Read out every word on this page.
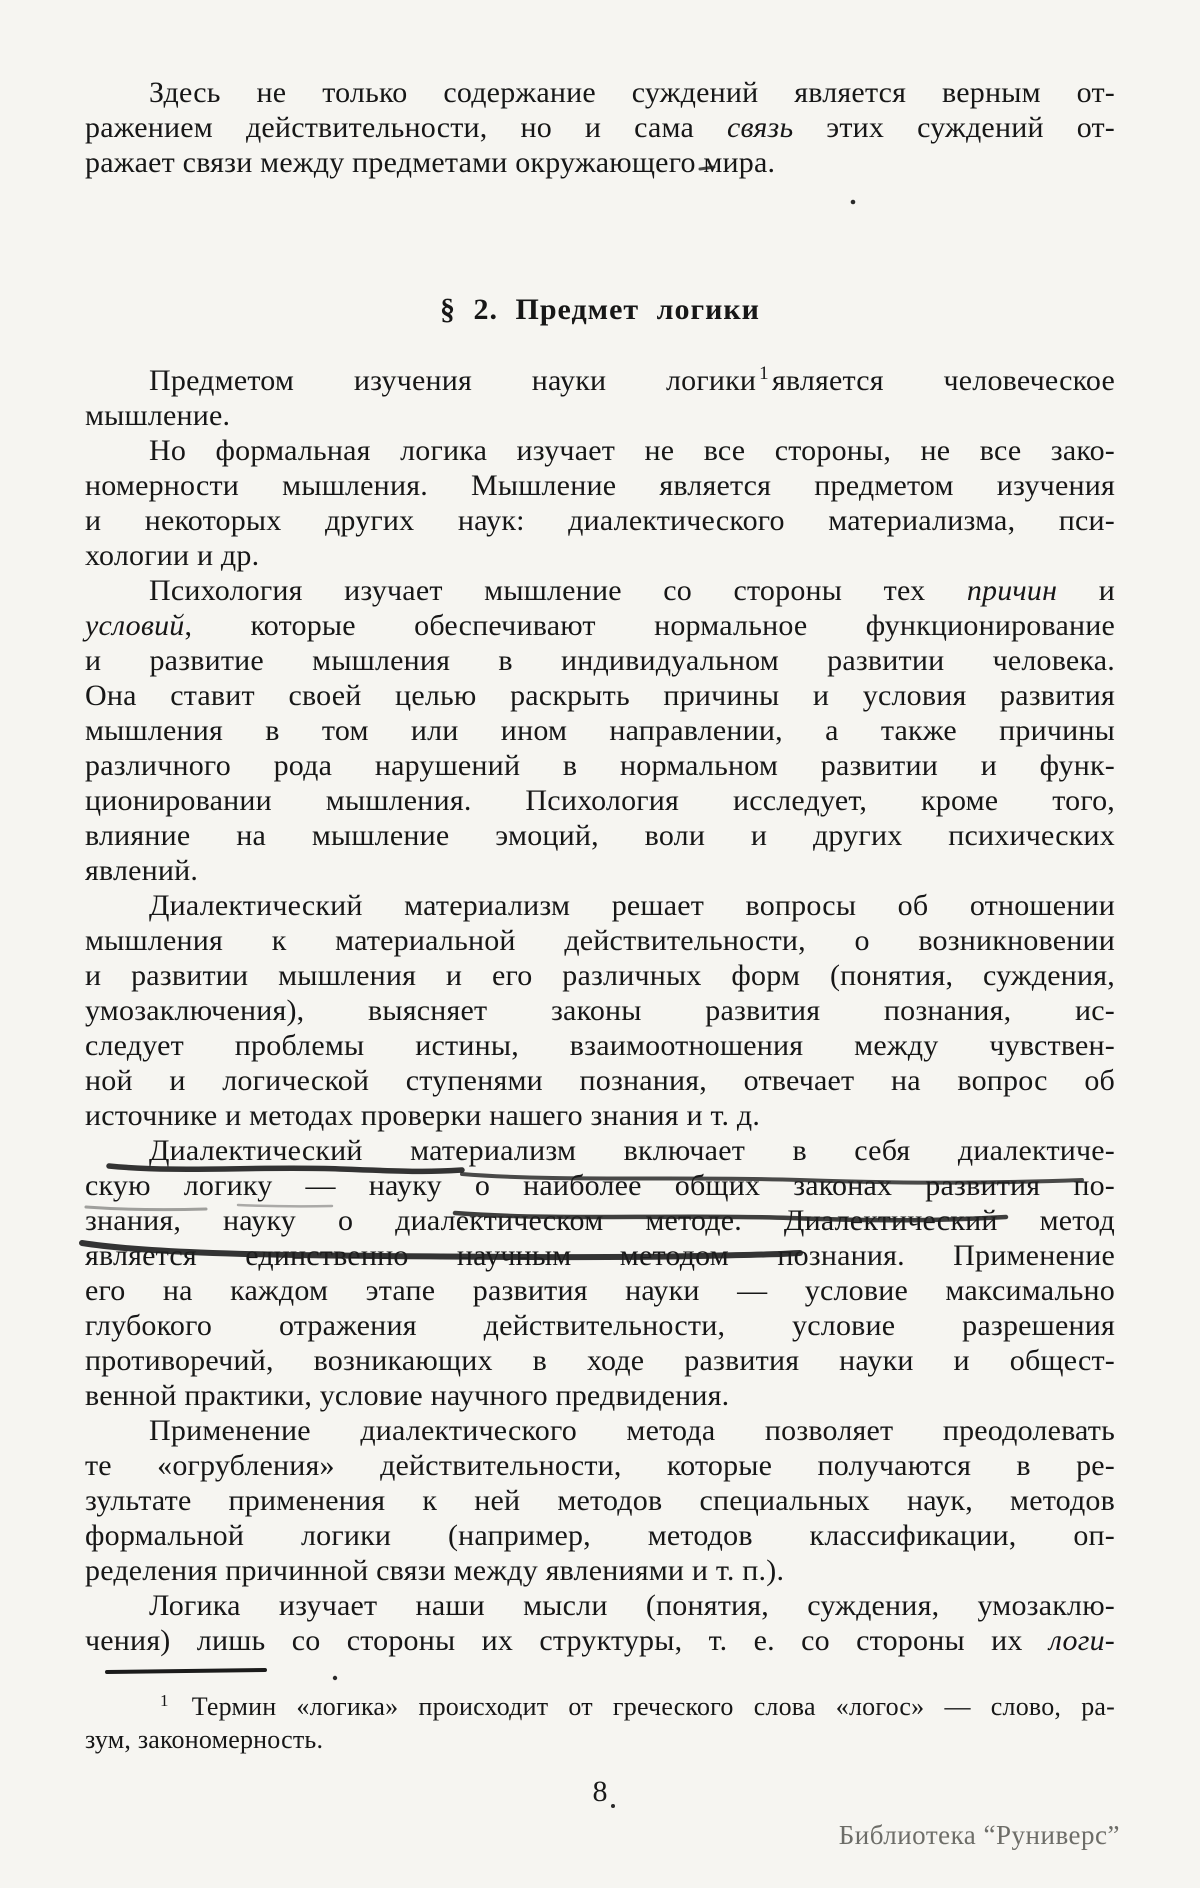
Здесь не только содержание суждений является верным от-
ражением действительности, но и сама связь этих суждений от-
ражает связи между предметами окружающего мира.
§ 2. Предмет логики
Предметом изучения науки логики $^1$ является человеческое
мышление.
Но формальная логика изучает не все стороны, не все зако-
номерности мышления. Мышление является предметом изучения
и некоторых других наук: диалектического материализма, пси-
хологии и др.
Психология изучает мышление со стороны тех причин и
условий, которые обеспечивают нормальное функционирование
и развитие мышления в индивидуальном развитии человека.
Она ставит своей целью раскрыть причины и условия развития
мышления в том или ином направлении, а также причины
различного рода нарушений в нормальном развитии и функ-
ционировании мышления. Психология исследует, кроме того,
влияние на мышление эмоций, воли и других психических
явлений.
Диалектический материализм решает вопросы об отношении
мышления к материальной действительности, о возникновении
и развитии мышления и его различных форм (понятия, суждения,
умозаключения), выясняет законы развития познания, ис-
следует проблемы истины, взаимоотношения между чувствен-
ной и логической ступенями познания, отвечает на вопрос об
источнике и методах проверки нашего знания и т. д.
Диалектический материализм включает в себя диалектиче-
скую логику — науку о наиболее общих законах развития по-
знания, науку о диалектическом методе. Диалектический метод
является единственно научным методом познания. Применение
его на каждом этапе развития науки — условие максимально
глубокого отражения действительности, условие разрешения
противоречий, возникающих в ходе развития науки и общест-
венной практики, условие научного предвидения.
Применение диалектического метода позволяет преодолевать
те «огрубления» действительности, которые получаются в ре-
зультате применения к ней методов специальных наук, методов
формальной логики (например, методов классификации, оп-
ределения причинной связи между явлениями и т. п.).
Логика изучает наши мысли (понятия, суждения, умозаклю-
чения) лишь со стороны их структуры, т. е. со стороны их логи-
$^1$ Термин «логика» происходит от греческого слова «логос» — слово, ра-
зум, закономерность.
8
Библиотека “Руниверс”
